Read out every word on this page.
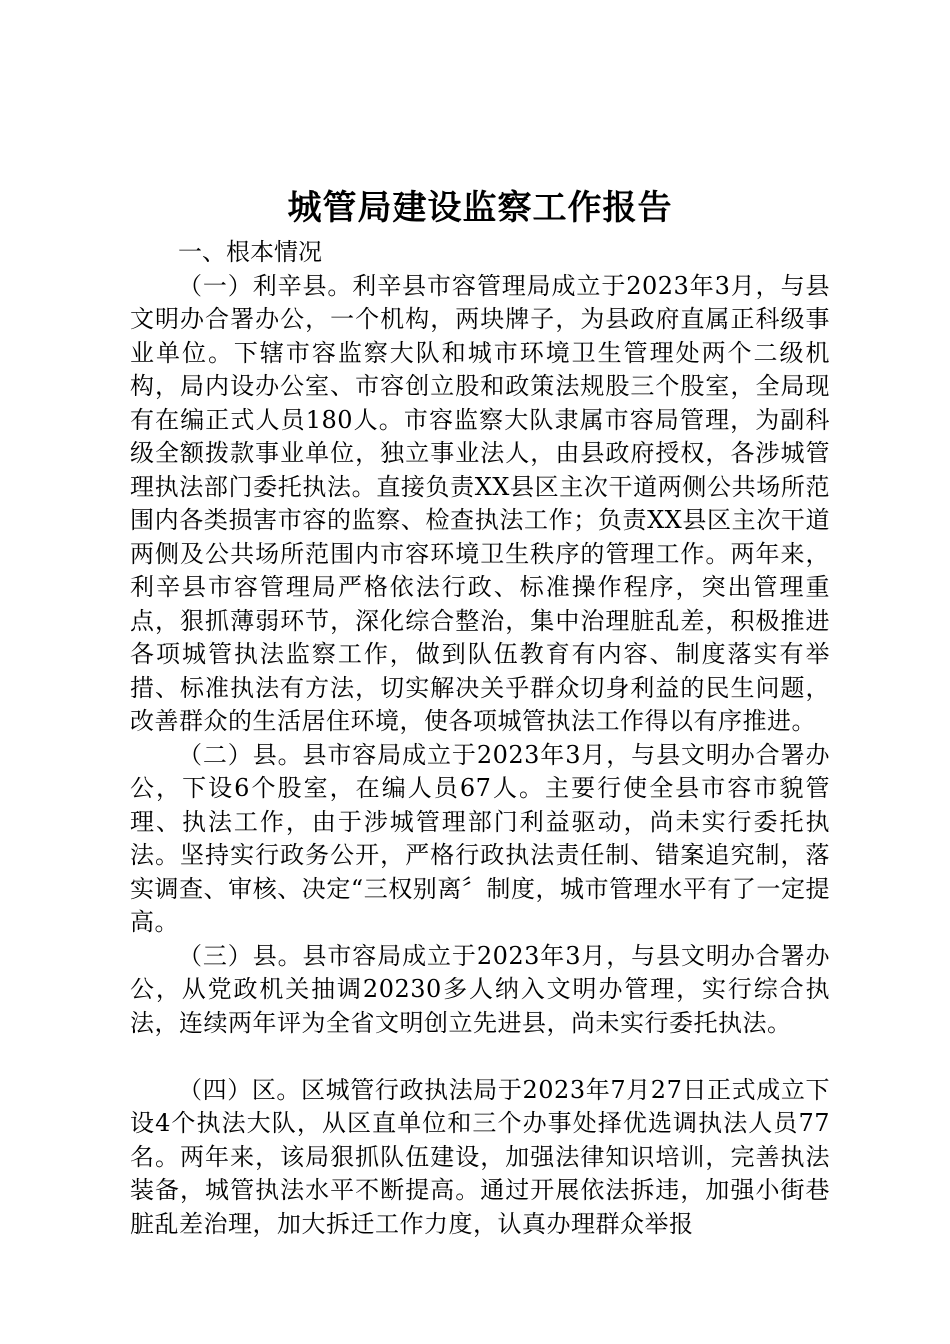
城管局建设监察工作报告

一、根本情况

（一）利辛县。利辛县市容管理局成立于2023年3月，与县文明办合署办公，一个机构，两块牌子，为县政府直属正科级事业单位。下辖市容监察大队和城市环境卫生管理处两个二级机构，局内设办公室、市容创立股和政策法规股三个股室，全局现有在编正式人员180人。市容监察大队隶属市容局管理，为副科级全额拨款事业单位，独立事业法人，由县政府授权，各涉城管理执法部门委托执法。直接负责XX县区主次干道两侧公共场所范围内各类损害市容的监察、检查执法工作；负责XX县区主次干道两侧及公共场所范围内市容环境卫生秩序的管理工作。两年来，利辛县市容管理局严格依法行政、标准操作程序，突出管理重点，狠抓薄弱环节，深化综合整治，集中治理脏乱差，积极推进各项城管执法监察工作，做到队伍教育有内容、制度落实有举措、标准执法有方法，切实解决关乎群众切身利益的民生问题，改善群众的生活居住环境，使各项城管执法工作得以有序推进。

（二）县。县市容局成立于2023年3月，与县文明办合署办公，下设6个股室，在编人员67人。主要行使全县市容市貌管理、执法工作，由于涉城管理部门利益驱动，尚未实行委托执法。坚持实行政务公开，严格行政执法责任制、错案追究制，落实调查、审核、决定“三权别离〞制度，城市管理水平有了一定提高。

（三）县。县市容局成立于2023年3月，与县文明办合署办公，从党政机关抽调20230多人纳入文明办管理，实行综合执法，连续两年评为全省文明创立先进县，尚未实行委托执法。

（四）区。区城管行政执法局于2023年7月27日正式成立下设4个执法大队，从区直单位和三个办事处择优选调执法人员77名。两年来，该局狠抓队伍建设，加强法律知识培训，完善执法装备，城管执法水平不断提高。通过开展依法拆违，加强小街巷脏乱差治理，加大拆迁工作力度，认真办理群众举报
